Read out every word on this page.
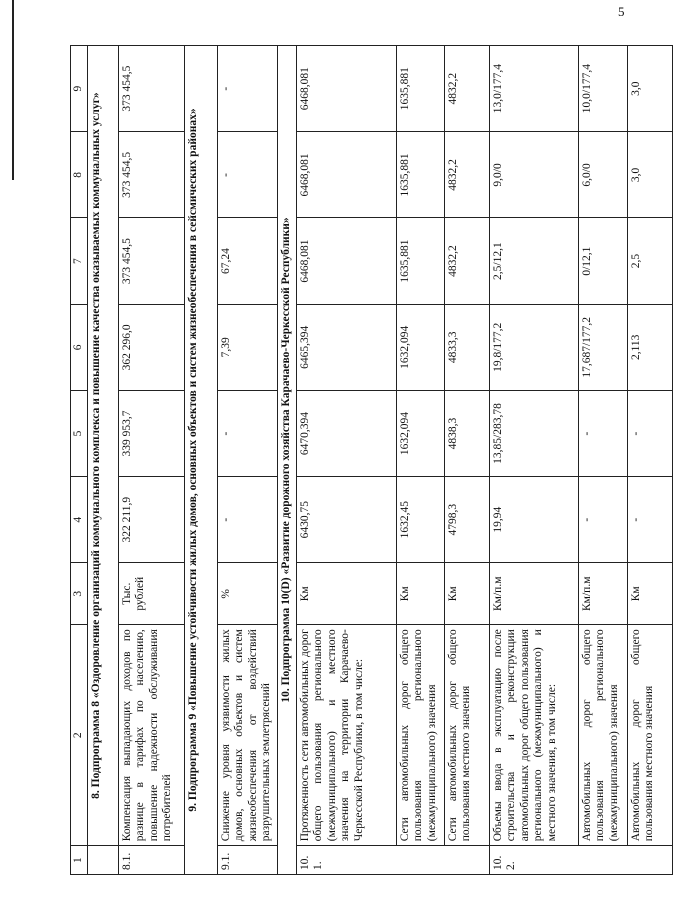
5
1	2	3	4	5	6	7	8	9
	8. Подпрограмма 8 «Оздоровление организаций коммунального комплекса и повышение качества оказываемых коммунальных услуг»							
8.1.	Компенсация выпадающих доходов по разнице в тарифах по населению, повышение надежности обслуживания потребителей	Тыс. рублей	322 211,9	339 953,7	362 296,0	373 454,5	373 454,5	373 454,5
9. Подпрограмма 9 «Повышение устойчивости жилых домов, основных объектов и систем жизнеобеспечения в сейсмических районах»								
9.1.	Снижение уровня уязвимости жилых домов, основных объектов и систем жизнеобеспечения от воздействий разрушительных землетрясений	%	-	-	7,39	67,24	-	-
10. Подпрограмма 10(D) «Развитие дорожного хозяйства Карачаево-Черкесской Республики»								
10.1.	Протяженность сети автомобильных дорог общего пользования регионального (межмуниципального) и местного значения на территории Карачаево-Черкесской Республики, в том числе:	Км	6430,75	6470,394	6465,394	6468,081	6468,081	6468,081
	Сети автомобильных дорог общего пользования регионального (межмуниципального) значения	Км	1632,45	1632,094	1632,094	1635,881	1635,881	1635,881
	Сети автомобильных дорог общего пользования местного значения	Км	4798,3	4838,3	4833,3	4832,2	4832,2	4832,2
10.2.	Объемы ввода в эксплуатацию после строительства и реконструкции автомобильных дорог общего пользования регионального (межмуниципального) и местного значения, в том числе:	Км/п.м	19,94	13,85/283,78	19,8/177,2	2,5/12,1	9,0/0	13,0/177,4
	Автомобильных дорог общего пользования регионального (межмуниципального) значения	Км/п.м	-	-	17,687/177,2	0/12,1	6,0/0	10,0/177,4
	Автомобильных дорог общего пользования местного значения	Км	-	-	2,113	2,5	3,0	3,0
